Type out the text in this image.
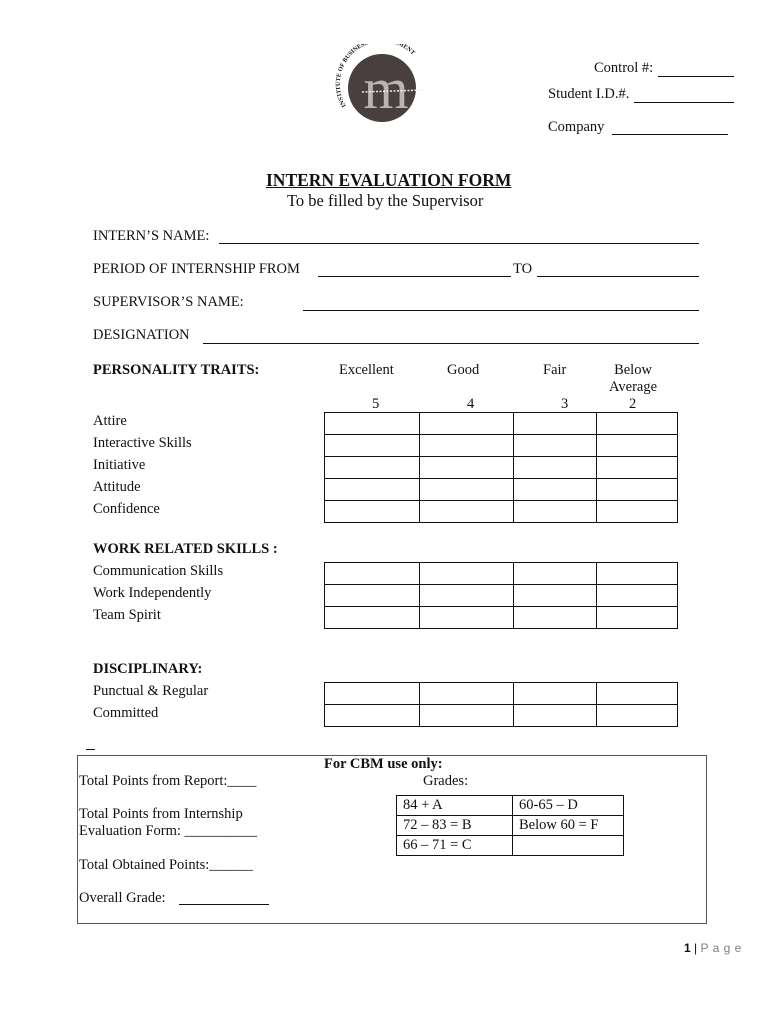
INSTITUTE OF BUSINES MENT
m	Control #:
Student I.D.#.
Company
INTERN EVALUATION FORM
To be filled by the Supervisor
INTERN’S NAME:
PERIOD OF INTERNSHIP FROM	TO
SUPERVISOR’S NAME:
DESIGNATION
PERSONALITY TRAITS:	Excellent	Good	Fair	Below Average
5	4	3	2
Attire
Interactive Skills
Initiative
Attitude
Confidence

WORK RELATED SKILLS :
Communication Skills
Work Independently
Team Spirit

DISCIPLINARY:
Punctual & Regular
Committed

For CBM use only:
Grades:
Total Points from Report:____
Total Points from Internship
Evaluation Form: __________
Total Obtained Points:______
Overall Grade:
84 + A	60-65 – D
72 – 83 = B	Below 60 = F
66 – 71 = C	
1 | P a g e
